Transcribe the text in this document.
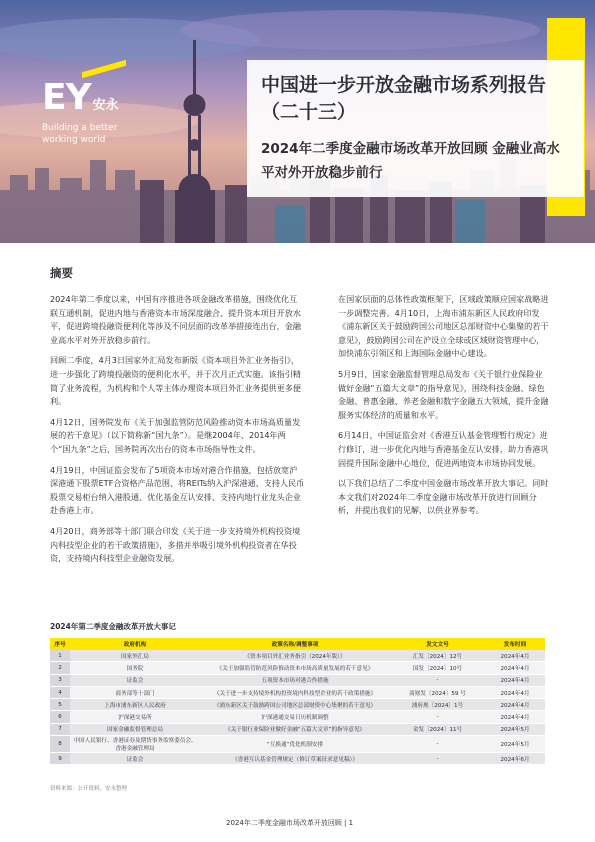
EY 安永
Building a better working world
中国进一步开放金融市场系列报告（二十三）
2024年二季度金融市场改革开放回顾 金融业高水平对外开放稳步前行
摘要

2024年第二季度以来，中国有序推进各项金融改革措施，围绕优化互联互通机制，促进内地与香港资本市场深度融合、提升资本项目开放水平，促进跨境投融资便利化等涉及不同层面的改革举措接连出台，金融业高水平对外开放稳步前行。

回顾二季度，4月3日国家外汇局发布新版《资本项目外汇业务指引》，进一步强化了跨境投融资的便利化水平，并于次月正式实施。该指引精简了业务流程，为机构和个人等主体办理资本项目外汇业务提供更多便利。

4月12日，国务院发布《关于加强监管防范风险推动资本市场高质量发展的若干意见》（以下简称新“国九条”）。是继2004年、2014年两个“国九条”之后，国务院再次出台的资本市场指导性文件。

4月19日，中国证监会发布了5项资本市场对港合作措施，包括放宽沪深港通下股票ETF合资格产品范围、将REITs纳入沪深港通、支持人民币股票交易柜台纳入港股通、优化基金互认安排、支持内地行业龙头企业赴香港上市。

4月20日，商务部等十部门联合印发《关于进一步支持境外机构投资境内科技型企业的若干政策措施》，多措并举吸引境外机构投资者在华投资，支持境内科技型企业融资发展。

在国家层面的总体性政策框架下，区域政策顺应国家战略进一步调整完善。4月10日，上海市浦东新区人民政府印发《浦东新区关于鼓励跨国公司地区总部财资中心集聚的若干意见》，鼓励跨国公司在沪设立全球或区域财资管理中心，加快浦东引领区和上海国际金融中心建设。

5月9日，国家金融监督管理总局发布《关于银行业保险业做好金融“五篇大文章”的指导意见》，围绕科技金融、绿色金融、普惠金融、养老金融和数字金融五大领域，提升金融服务实体经济的质量和水平。

6月14日，中国证监会对《香港互认基金管理暂行规定》进行修订，进一步优化内地与香港基金互认安排，助力香港巩固提升国际金融中心地位，促进两地资本市场协同发展。

以下我们总结了二季度中国金融市场改革开放大事记。同时本文我们对2024年二季度金融市场改革开放进行回顾分析，并提出我们的见解，以供业界参考。

2024年第二季度金融改革开放大事记
序号	政府机构	政策名称/调整事项	发文文号	发布时间
1	国家外汇局	《资本项目外汇业务指引（2024年版）》	汇发〔2024〕12号	2024年4月
2	国务院	《关于加强监管防范风险推动资本市场高质量发展的若干意见》	国发〔2024〕10号	2024年4月
3	证监会	五项资本市场对港合作措施	-	2024年4月
4	商务部等十部门	《关于进一步支持境外机构投资境内科技型企业的若干政策措施》	商财发〔2024〕59 号	2024年4月
5	上海市浦东新区人民政府	《浦东新区关于鼓励跨国公司地区总部财资中心集聚的若干意见》	浦府规〔2024〕1号	2024年4月
6	沪深港交易所	沪深港通交易日历机制调整	-	2024年4月
7	国家金融监督管理总局	《关于银行业保险业做好金融“五篇大文章”的指导意见》	金发〔2024〕11号	2024年5月
8	中国人民银行、香港证券及期货事务监察委员会、香港金融管理局	“互换通”优化机制安排	-	2024年5月
9	证监会	《香港互认基金管理规定（修订草案征求意见稿）》	-	2024年6月
资料来源：公开资料，安永整理
2024年二季度金融市场改革开放回顾 | 1
